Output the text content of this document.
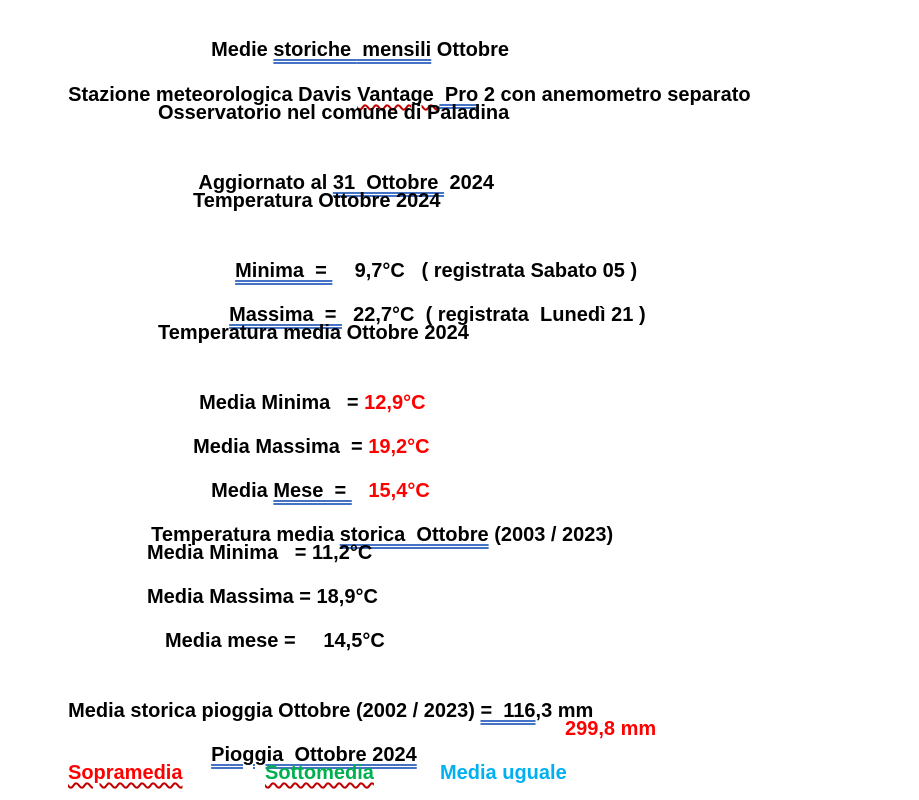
Medie storiche  mensili Ottobre

Stazione meteorologica Davis Vantage  Pro 2 con anemometro separato

Osservatorio nel comune di Paladina

Aggiornato al 31  Ottobre  2024

Temperatura Ottobre 2024

Minima  =     9,7°C   ( registrata Sabato 05 )

Massima  =   22,7°C  ( registrata  Lunedì 21 )

Temperatura media Ottobre 2024

Media Minima   = 12,9°C

Media Massima  = 19,2°C

Media Mese  =    15,4°C

Temperatura media storica  Ottobre (2003 / 2023)

Media Minima   = 11,2°C
Media Massima = 18,9°C
Media mese =     14,5°C

Media storica pioggia Ottobre (2002 / 2023) =  116,3 mm

Pioggia  Ottobre 2024

299,8 mm
Sopramedia	Sottomedia	Media uguale
